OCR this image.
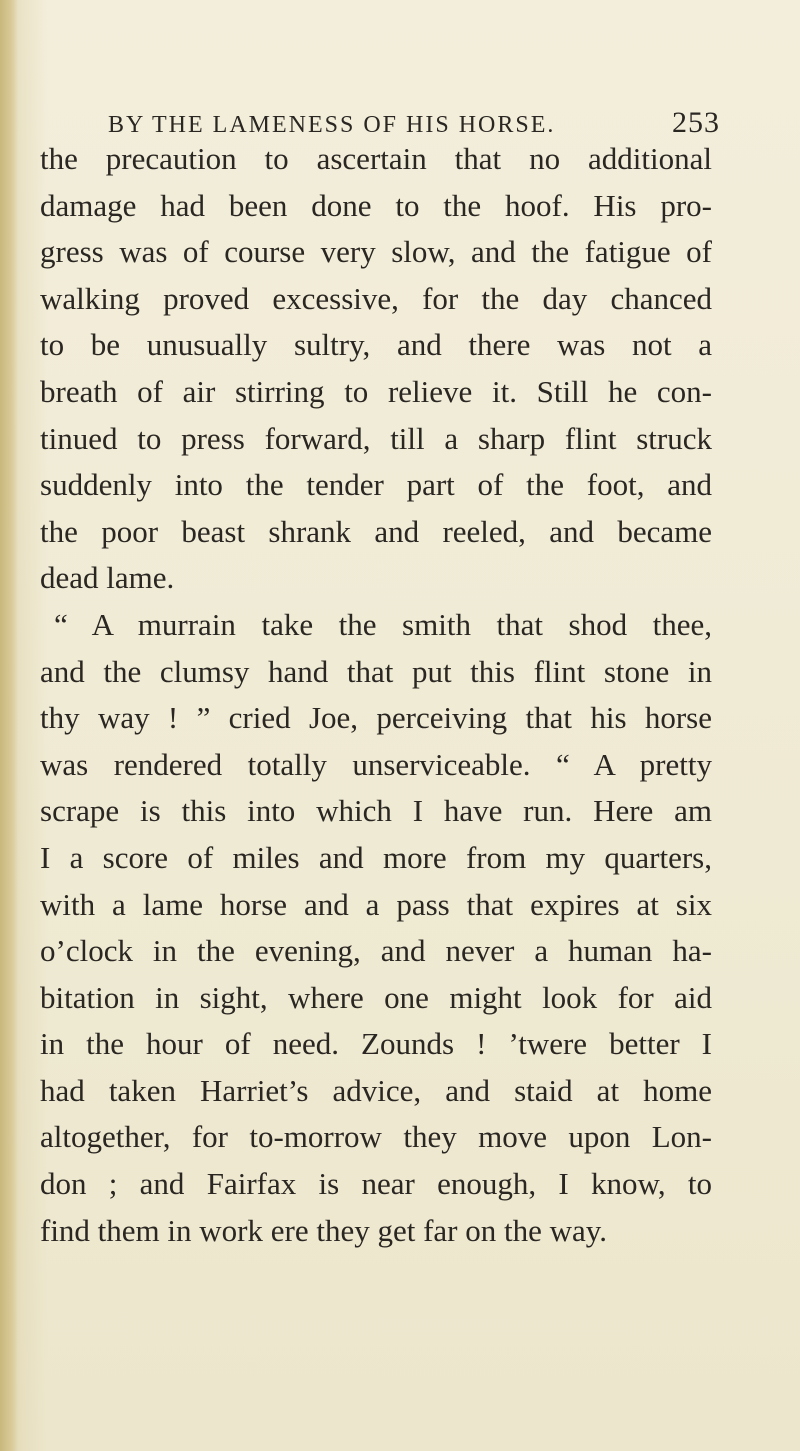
BY THE LAMENESS OF HIS HORSE.	253
the precaution to ascertain that no additional
damage had been done to the hoof. His pro-
gress was of course very slow, and the fatigue of
walking proved excessive, for the day chanced
to be unusually sultry, and there was not a
breath of air stirring to relieve it. Still he con-
tinued to press forward, till a sharp flint struck
suddenly into the tender part of the foot, and
the poor beast shrank and reeled, and became
dead lame.
“ A murrain take the smith that shod thee,
and the clumsy hand that put this flint stone in
thy way ! ” cried Joe, perceiving that his horse
was rendered totally unserviceable. “ A pretty
scrape is this into which I have run. Here am
I a score of miles and more from my quarters,
with a lame horse and a pass that expires at six
o’clock in the evening, and never a human ha-
bitation in sight, where one might look for aid
in the hour of need. Zounds ! ’twere better I
had taken Harriet’s advice, and staid at home
altogether, for to-morrow they move upon Lon-
don ; and Fairfax is near enough, I know, to
find them in work ere they get far on the way.
